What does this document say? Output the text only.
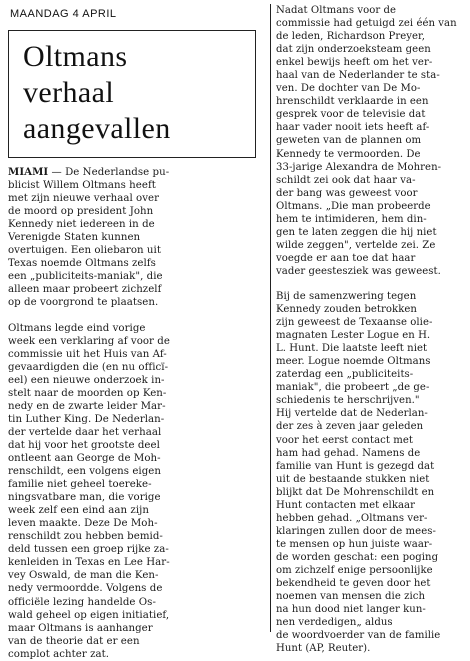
MAANDAG 4 APRIL
Oltmans
verhaal
aangevallen
MIAMI — De Nederlandse pu-
blicist Willem Oltmans heeft
met zijn nieuwe verhaal over
de moord op president John
Kennedy niet iedereen in de
Verenigde Staten kunnen
overtuigen. Een oliebaron uit
Texas noemde Oltmans zelfs
een „publiciteits-maniak", die
alleen maar probeert zichzelf
op de voorgrond te plaatsen.
Oltmans legde eind vorige
week een verklaring af voor de
commissie uit het Huis van Af-
gevaardigden die (en nu officï-
eel) een nieuwe onderzoek in-
stelt naar de moorden op Ken-
nedy en de zwarte leider Mar-
tin Luther King. De Nederlan-
der vertelde daar het verhaal
dat hij voor het grootste deel
ontleent aan George de Moh-
renschildt, een volgens eigen
familie niet geheel toereke-
ningsvatbare man, die vorige
week zelf een eind aan zijn
leven maakte. Deze De Moh-
renschildt zou hebben bemid-
deld tussen een groep rijke za-
kenleiden in Texas en Lee Har-
vey Oswald, de man die Ken-
nedy vermoordde. Volgens de
officiële lezing handelde Os-
wald geheel op eigen initiatief,
maar Oltmans is aanhanger
van de theorie dat er een
complot achter zat.
Nadat Oltmans voor de
commissie had getuigd zei één van
de leden, Richardson Preyer,
dat zijn onderzoeksteam geen
enkel bewijs heeft om het ver-
haal van de Nederlander te sta-
ven. De dochter van De Mo-
hrenschildt verklaarde in een
gesprek voor de televisie dat
haar vader nooit iets heeft af-
geweten van de plannen om
Kennedy te vermoorden. De
33-jarige Alexandra de Mohren-
schildt zei ook dat haar va-
der bang was geweest voor
Oltmans. „Die man probeerde
hem te intimideren, hem din-
gen te laten zeggen die hij niet
wilde zeggen", vertelde zei. Ze
voegde er aan toe dat haar
vader geestesziek was geweest.
Bij de samenzwering tegen
Kennedy zouden betrokken
zijn geweest de Texaanse olie-
magnaten Lester Logue en H.
L. Hunt. Die laatste leeft niet
meer. Logue noemde Oltmans
zaterdag een „publiciteits-
maniak", die probeert „de ge-
schiedenis te herschrijven."
Hij vertelde dat de Nederlan-
der zes à zeven jaar geleden
voor het eerst contact met
ham had gehad. Namens de
familie van Hunt is gezegd dat
uit de bestaande stukken niet
blijkt dat De Mohrenschildt en
Hunt contacten met elkaar
hebben gehad. „Oltmans ver-
klaringen zullen door de mees-
te mensen op hun juiste waar-
de worden geschat: een poging
om zichzelf enige persoonlijke
bekendheid te geven door het
noemen van mensen die zich
na hun dood niet langer kun-
nen verdedigen„ aldus
de woordvoerder van de familie
Hunt (AP, Reuter).
